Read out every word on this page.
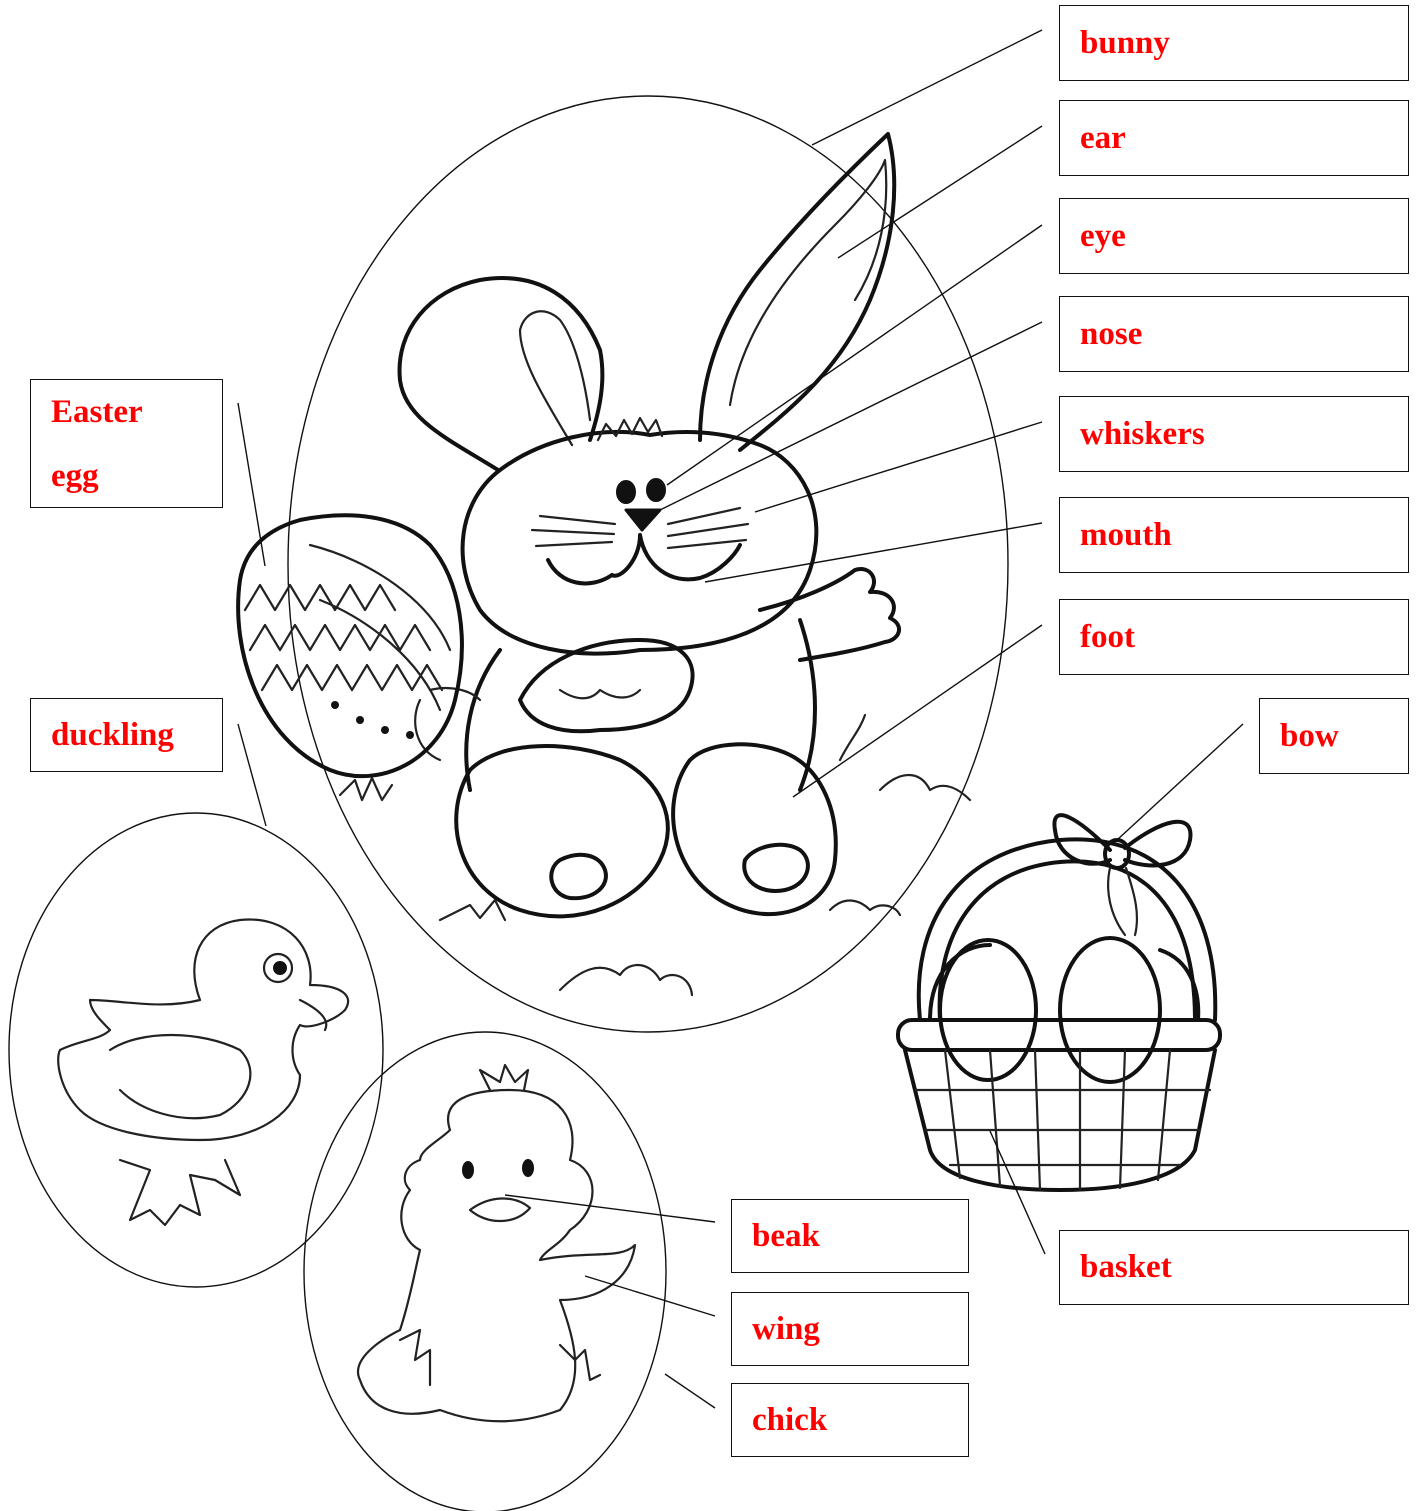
bunny
ear
eye
nose
whiskers
mouth
foot
bow
Easter
egg
duckling
beak
wing
chick
basket
